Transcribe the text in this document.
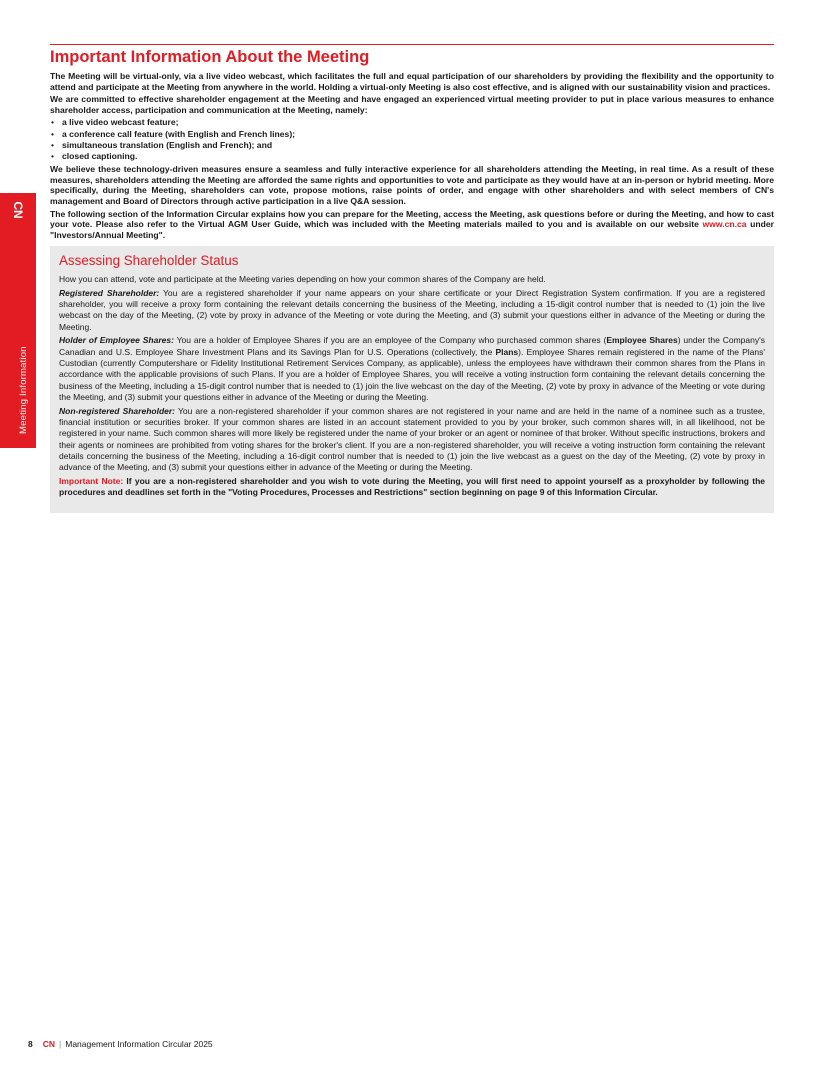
CN
Meeting Information
Important Information About the Meeting

The Meeting will be virtual-only, via a live video webcast, which facilitates the full and equal participation of our shareholders by providing the flexibility and the opportunity to attend and participate at the Meeting from anywhere in the world. Holding a virtual-only Meeting is also cost effective, and is aligned with our sustainability vision and practices.

We are committed to effective shareholder engagement at the Meeting and have engaged an experienced virtual meeting provider to put in place various measures to enhance shareholder access, participation and communication at the Meeting, namely:

• a live video webcast feature;
• a conference call feature (with English and French lines);
• simultaneous translation (English and French); and
• closed captioning.

We believe these technology-driven measures ensure a seamless and fully interactive experience for all shareholders attending the Meeting, in real time. As a result of these measures, shareholders attending the Meeting are afforded the same rights and opportunities to vote and participate as they would have at an in-person or hybrid meeting. More specifically, during the Meeting, shareholders can vote, propose motions, raise points of order, and engage with other shareholders and with select members of CN's management and Board of Directors through active participation in a live Q&A session.

The following section of the Information Circular explains how you can prepare for the Meeting, access the Meeting, ask questions before or during the Meeting, and how to cast your vote. Please also refer to the Virtual AGM User Guide, which was included with the Meeting materials mailed to you and is available on our website www.cn.ca under "Investors/Annual Meeting".

Assessing Shareholder Status

How you can attend, vote and participate at the Meeting varies depending on how your common shares of the Company are held.

Registered Shareholder: You are a registered shareholder if your name appears on your share certificate or your Direct Registration System confirmation. If you are a registered shareholder, you will receive a proxy form containing the relevant details concerning the business of the Meeting, including a 15-digit control number that is needed to (1) join the live webcast on the day of the Meeting, (2) vote by proxy in advance of the Meeting or vote during the Meeting, and (3) submit your questions either in advance of the Meeting or during the Meeting.

Holder of Employee Shares: You are a holder of Employee Shares if you are an employee of the Company who purchased common shares (Employee Shares) under the Company's Canadian and U.S. Employee Share Investment Plans and its Savings Plan for U.S. Operations (collectively, the Plans). Employee Shares remain registered in the name of the Plans' Custodian (currently Computershare or Fidelity Institutional Retirement Services Company, as applicable), unless the employees have withdrawn their common shares from the Plans in accordance with the applicable provisions of such Plans. If you are a holder of Employee Shares, you will receive a voting instruction form containing the relevant details concerning the business of the Meeting, including a 15-digit control number that is needed to (1) join the live webcast on the day of the Meeting, (2) vote by proxy in advance of the Meeting or vote during the Meeting, and (3) submit your questions either in advance of the Meeting or during the Meeting.

Non-registered Shareholder: You are a non-registered shareholder if your common shares are not registered in your name and are held in the name of a nominee such as a trustee, financial institution or securities broker. If your common shares are listed in an account statement provided to you by your broker, such common shares will, in all likelihood, not be registered in your name. Such common shares will more likely be registered under the name of your broker or an agent or nominee of that broker. Without specific instructions, brokers and their agents or nominees are prohibited from voting shares for the broker's client. If you are a non-registered shareholder, you will receive a voting instruction form containing the relevant details concerning the business of the Meeting, including a 16-digit control number that is needed to (1) join the live webcast as a guest on the day of the Meeting, (2) vote by proxy in advance of the Meeting, and (3) submit your questions either in advance of the Meeting or during the Meeting.

Important Note: If you are a non-registered shareholder and you wish to vote during the Meeting, you will first need to appoint yourself as a proxyholder by following the procedures and deadlines set forth in the "Voting Procedures, Processes and Restrictions" section beginning on page 9 of this Information Circular.

8 CN | Management Information Circular 2025
